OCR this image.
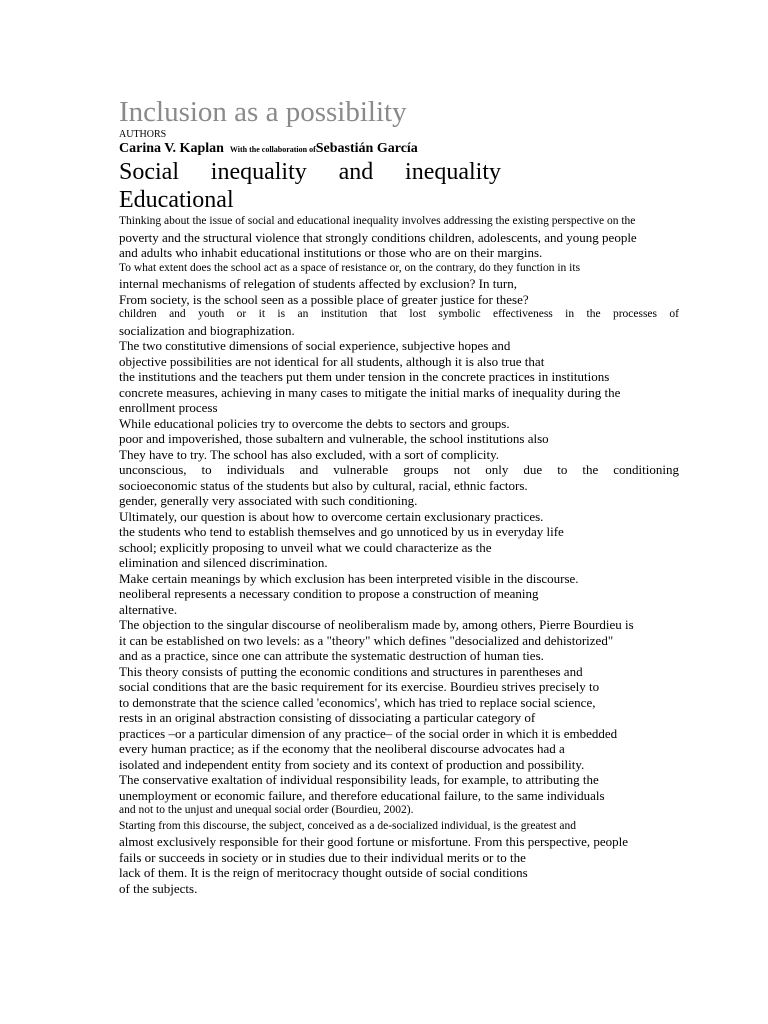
Inclusion as a possibility
AUTHORS
Carina V. Kaplan With the collaboration ofSebastián García
Social inequality and inequality
Educational
Thinking about the issue of social and educational inequality involves addressing the existing perspective on the
poverty and the structural violence that strongly conditions children, adolescents, and young people
and adults who inhabit educational institutions or those who are on their margins.
To what extent does the school act as a space of resistance or, on the contrary, do they function in its
internal mechanisms of relegation of students affected by exclusion? In turn,
From society, is the school seen as a possible place of greater justice for these?
children and youth or it is an institution that lost symbolic effectiveness in the processes of
socialization and biographization.
The two constitutive dimensions of social experience, subjective hopes and
objective possibilities are not identical for all students, although it is also true that
the institutions and the teachers put them under tension in the concrete practices in institutions
concrete measures, achieving in many cases to mitigate the initial marks of inequality during the
enrollment process
While educational policies try to overcome the debts to sectors and groups.
poor and impoverished, those subaltern and vulnerable, the school institutions also
They have to try. The school has also excluded, with a sort of complicity.
unconscious, to individuals and vulnerable groups not only due to the conditioning
socioeconomic status of the students but also by cultural, racial, ethnic factors.
gender, generally very associated with such conditioning.
Ultimately, our question is about how to overcome certain exclusionary practices.
the students who tend to establish themselves and go unnoticed by us in everyday life
school; explicitly proposing to unveil what we could characterize as the
elimination and silenced discrimination.
Make certain meanings by which exclusion has been interpreted visible in the discourse.
neoliberal represents a necessary condition to propose a construction of meaning
alternative.
The objection to the singular discourse of neoliberalism made by, among others, Pierre Bourdieu is
it can be established on two levels: as a "theory" which defines "desocialized and dehistorized"
and as a practice, since one can attribute the systematic destruction of human ties.
This theory consists of putting the economic conditions and structures in parentheses and
social conditions that are the basic requirement for its exercise. Bourdieu strives precisely to
to demonstrate that the science called 'economics', which has tried to replace social science,
rests in an original abstraction consisting of dissociating a particular category of
practices –or a particular dimension of any practice– of the social order in which it is embedded
every human practice; as if the economy that the neoliberal discourse advocates had a
isolated and independent entity from society and its context of production and possibility.
The conservative exaltation of individual responsibility leads, for example, to attributing the
unemployment or economic failure, and therefore educational failure, to the same individuals
and not to the unjust and unequal social order (Bourdieu, 2002).
Starting from this discourse, the subject, conceived as a de-socialized individual, is the greatest and
almost exclusively responsible for their good fortune or misfortune. From this perspective, people
fails or succeeds in society or in studies due to their individual merits or to the
lack of them. It is the reign of meritocracy thought outside of social conditions
of the subjects.
